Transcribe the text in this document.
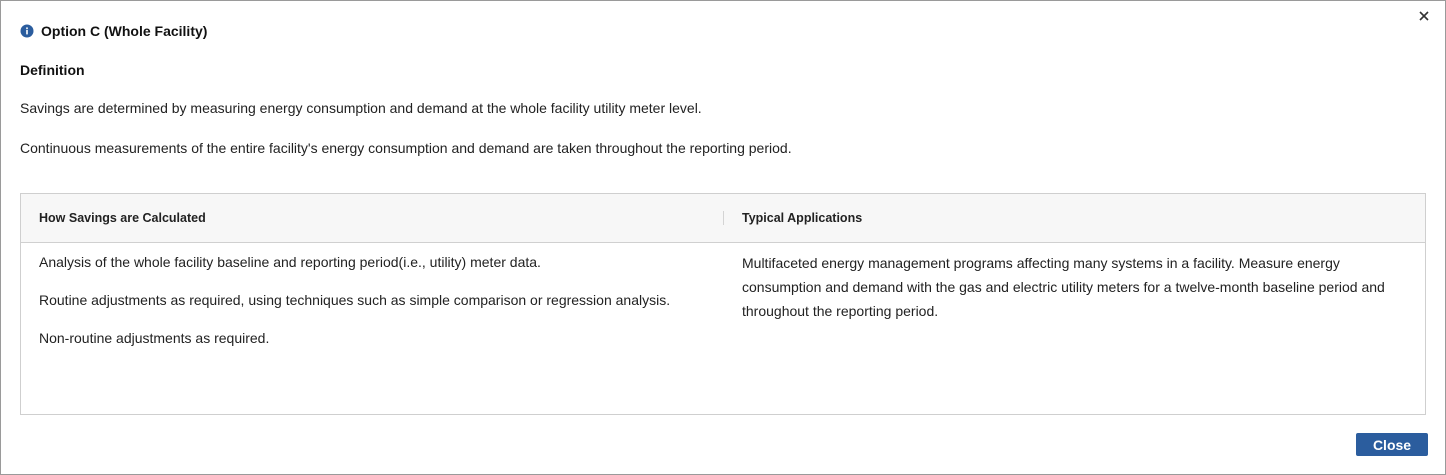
Option C (Whole Facility)
Definition
Savings are determined by measuring energy consumption and demand at the whole facility utility meter level.
Continuous measurements of the entire facility's energy consumption and demand are taken throughout the reporting period.
How Savings are Calculated	Typical Applications
Analysis of the whole facility baseline and reporting period(i.e., utility) meter data.
Routine adjustments as required, using techniques such as simple comparison or regression analysis.
Non-routine adjustments as required.
Multifaceted energy management programs affecting many systems in a facility. Measure energy consumption and demand with the gas and electric utility meters for a twelve-month baseline period and throughout the reporting period.
Close
